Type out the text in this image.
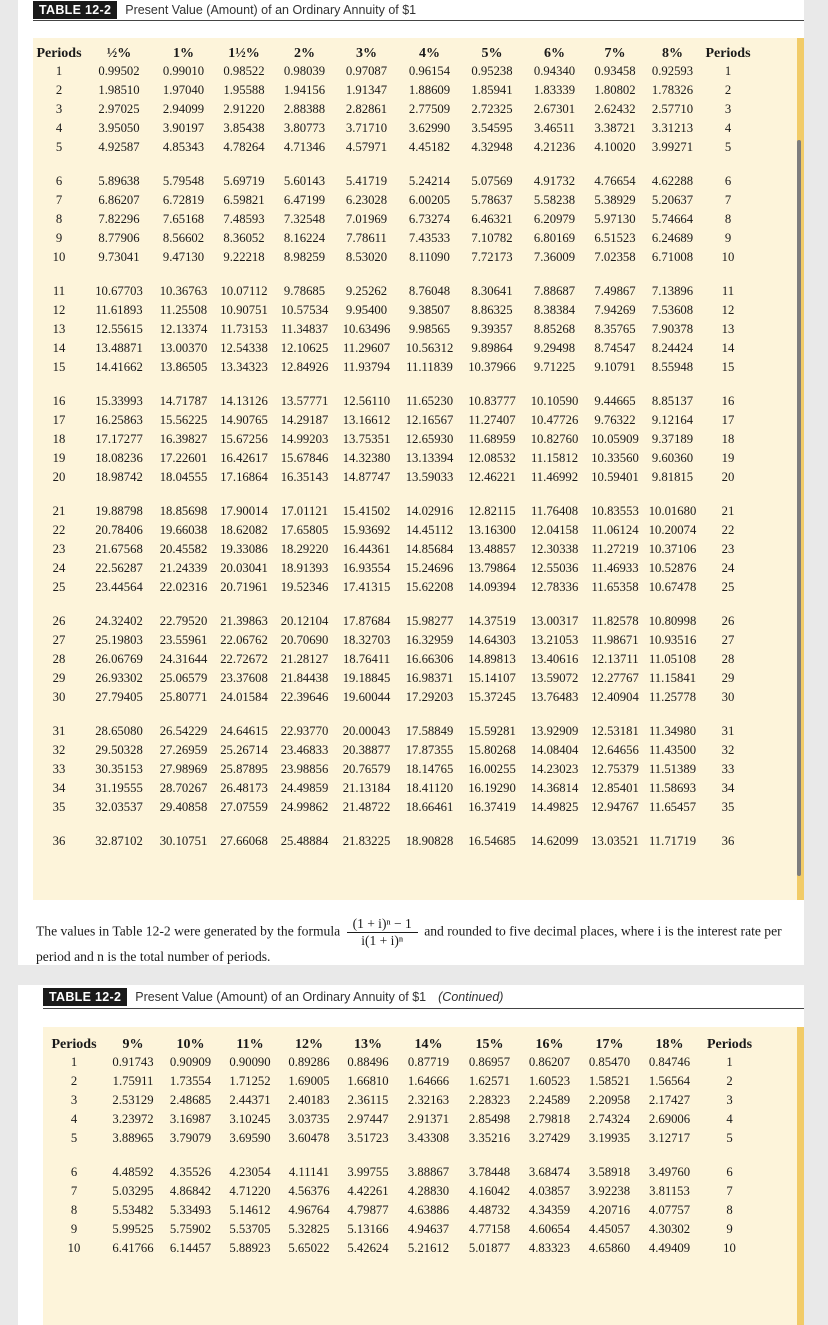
TABLE 12-2	Present Value (Amount) of an Ordinary Annuity of $1
Periods	½%	1%	1½%	2%	3%	4%	5%	6%	7%	8%	Periods
1	0.99502	0.99010	0.98522	0.98039	0.97087	0.96154	0.95238	0.94340	0.93458	0.92593	1
2	1.98510	1.97040	1.95588	1.94156	1.91347	1.88609	1.85941	1.83339	1.80802	1.78326	2
3	2.97025	2.94099	2.91220	2.88388	2.82861	2.77509	2.72325	2.67301	2.62432	2.57710	3
4	3.95050	3.90197	3.85438	3.80773	3.71710	3.62990	3.54595	3.46511	3.38721	3.31213	4
5	4.92587	4.85343	4.78264	4.71346	4.57971	4.45182	4.32948	4.21236	4.10020	3.99271	5

6	5.89638	5.79548	5.69719	5.60143	5.41719	5.24214	5.07569	4.91732	4.76654	4.62288	6
7	6.86207	6.72819	6.59821	6.47199	6.23028	6.00205	5.78637	5.58238	5.38929	5.20637	7
8	7.82296	7.65168	7.48593	7.32548	7.01969	6.73274	6.46321	6.20979	5.97130	5.74664	8
9	8.77906	8.56602	8.36052	8.16224	7.78611	7.43533	7.10782	6.80169	6.51523	6.24689	9
10	9.73041	9.47130	9.22218	8.98259	8.53020	8.11090	7.72173	7.36009	7.02358	6.71008	10

11	10.67703	10.36763	10.07112	9.78685	9.25262	8.76048	8.30641	7.88687	7.49867	7.13896	11
12	11.61893	11.25508	10.90751	10.57534	9.95400	9.38507	8.86325	8.38384	7.94269	7.53608	12
13	12.55615	12.13374	11.73153	11.34837	10.63496	9.98565	9.39357	8.85268	8.35765	7.90378	13
14	13.48871	13.00370	12.54338	12.10625	11.29607	10.56312	9.89864	9.29498	8.74547	8.24424	14
15	14.41662	13.86505	13.34323	12.84926	11.93794	11.11839	10.37966	9.71225	9.10791	8.55948	15

16	15.33993	14.71787	14.13126	13.57771	12.56110	11.65230	10.83777	10.10590	9.44665	8.85137	16
17	16.25863	15.56225	14.90765	14.29187	13.16612	12.16567	11.27407	10.47726	9.76322	9.12164	17
18	17.17277	16.39827	15.67256	14.99203	13.75351	12.65930	11.68959	10.82760	10.05909	9.37189	18
19	18.08236	17.22601	16.42617	15.67846	14.32380	13.13394	12.08532	11.15812	10.33560	9.60360	19
20	18.98742	18.04555	17.16864	16.35143	14.87747	13.59033	12.46221	11.46992	10.59401	9.81815	20

21	19.88798	18.85698	17.90014	17.01121	15.41502	14.02916	12.82115	11.76408	10.83553	10.01680	21
22	20.78406	19.66038	18.62082	17.65805	15.93692	14.45112	13.16300	12.04158	11.06124	10.20074	22
23	21.67568	20.45582	19.33086	18.29220	16.44361	14.85684	13.48857	12.30338	11.27219	10.37106	23
24	22.56287	21.24339	20.03041	18.91393	16.93554	15.24696	13.79864	12.55036	11.46933	10.52876	24
25	23.44564	22.02316	20.71961	19.52346	17.41315	15.62208	14.09394	12.78336	11.65358	10.67478	25

26	24.32402	22.79520	21.39863	20.12104	17.87684	15.98277	14.37519	13.00317	11.82578	10.80998	26
27	25.19803	23.55961	22.06762	20.70690	18.32703	16.32959	14.64303	13.21053	11.98671	10.93516	27
28	26.06769	24.31644	22.72672	21.28127	18.76411	16.66306	14.89813	13.40616	12.13711	11.05108	28
29	26.93302	25.06579	23.37608	21.84438	19.18845	16.98371	15.14107	13.59072	12.27767	11.15841	29
30	27.79405	25.80771	24.01584	22.39646	19.60044	17.29203	15.37245	13.76483	12.40904	11.25778	30

31	28.65080	26.54229	24.64615	22.93770	20.00043	17.58849	15.59281	13.92909	12.53181	11.34980	31
32	29.50328	27.26959	25.26714	23.46833	20.38877	17.87355	15.80268	14.08404	12.64656	11.43500	32
33	30.35153	27.98969	25.87895	23.98856	20.76579	18.14765	16.00255	14.23023	12.75379	11.51389	33
34	31.19555	28.70267	26.48173	24.49859	21.13184	18.41120	16.19290	14.36814	12.85401	11.58693	34
35	32.03537	29.40858	27.07559	24.99862	21.48722	18.66461	16.37419	14.49825	12.94767	11.65457	35

36	32.87102	30.10751	27.66068	25.48884	21.83225	18.90828	16.54685	14.62099	13.03521	11.71719	36
The values in Table 12-2 were generated by the formula $\frac{\text{(1 + i)ⁿ − 1}}{\text{i(1 + i)ⁿ}}$ and rounded to five decimal places, where i is the interest rate per period and n is the total number of periods.
TABLE 12-2	Present Value (Amount) of an Ordinary Annuity of $1 (Continued)
Periods	9%	10%	11%	12%	13%	14%	15%	16%	17%	18%	Periods
1	0.91743	0.90909	0.90090	0.89286	0.88496	0.87719	0.86957	0.86207	0.85470	0.84746	1
2	1.75911	1.73554	1.71252	1.69005	1.66810	1.64666	1.62571	1.60523	1.58521	1.56564	2
3	2.53129	2.48685	2.44371	2.40183	2.36115	2.32163	2.28323	2.24589	2.20958	2.17427	3
4	3.23972	3.16987	3.10245	3.03735	2.97447	2.91371	2.85498	2.79818	2.74324	2.69006	4
5	3.88965	3.79079	3.69590	3.60478	3.51723	3.43308	3.35216	3.27429	3.19935	3.12717	5

6	4.48592	4.35526	4.23054	4.11141	3.99755	3.88867	3.78448	3.68474	3.58918	3.49760	6
7	5.03295	4.86842	4.71220	4.56376	4.42261	4.28830	4.16042	4.03857	3.92238	3.81153	7
8	5.53482	5.33493	5.14612	4.96764	4.79877	4.63886	4.48732	4.34359	4.20716	4.07757	8
9	5.99525	5.75902	5.53705	5.32825	5.13166	4.94637	4.77158	4.60654	4.45057	4.30302	9
10	6.41766	6.14457	5.88923	5.65022	5.42624	5.21612	5.01877	4.83323	4.65860	4.49409	10
